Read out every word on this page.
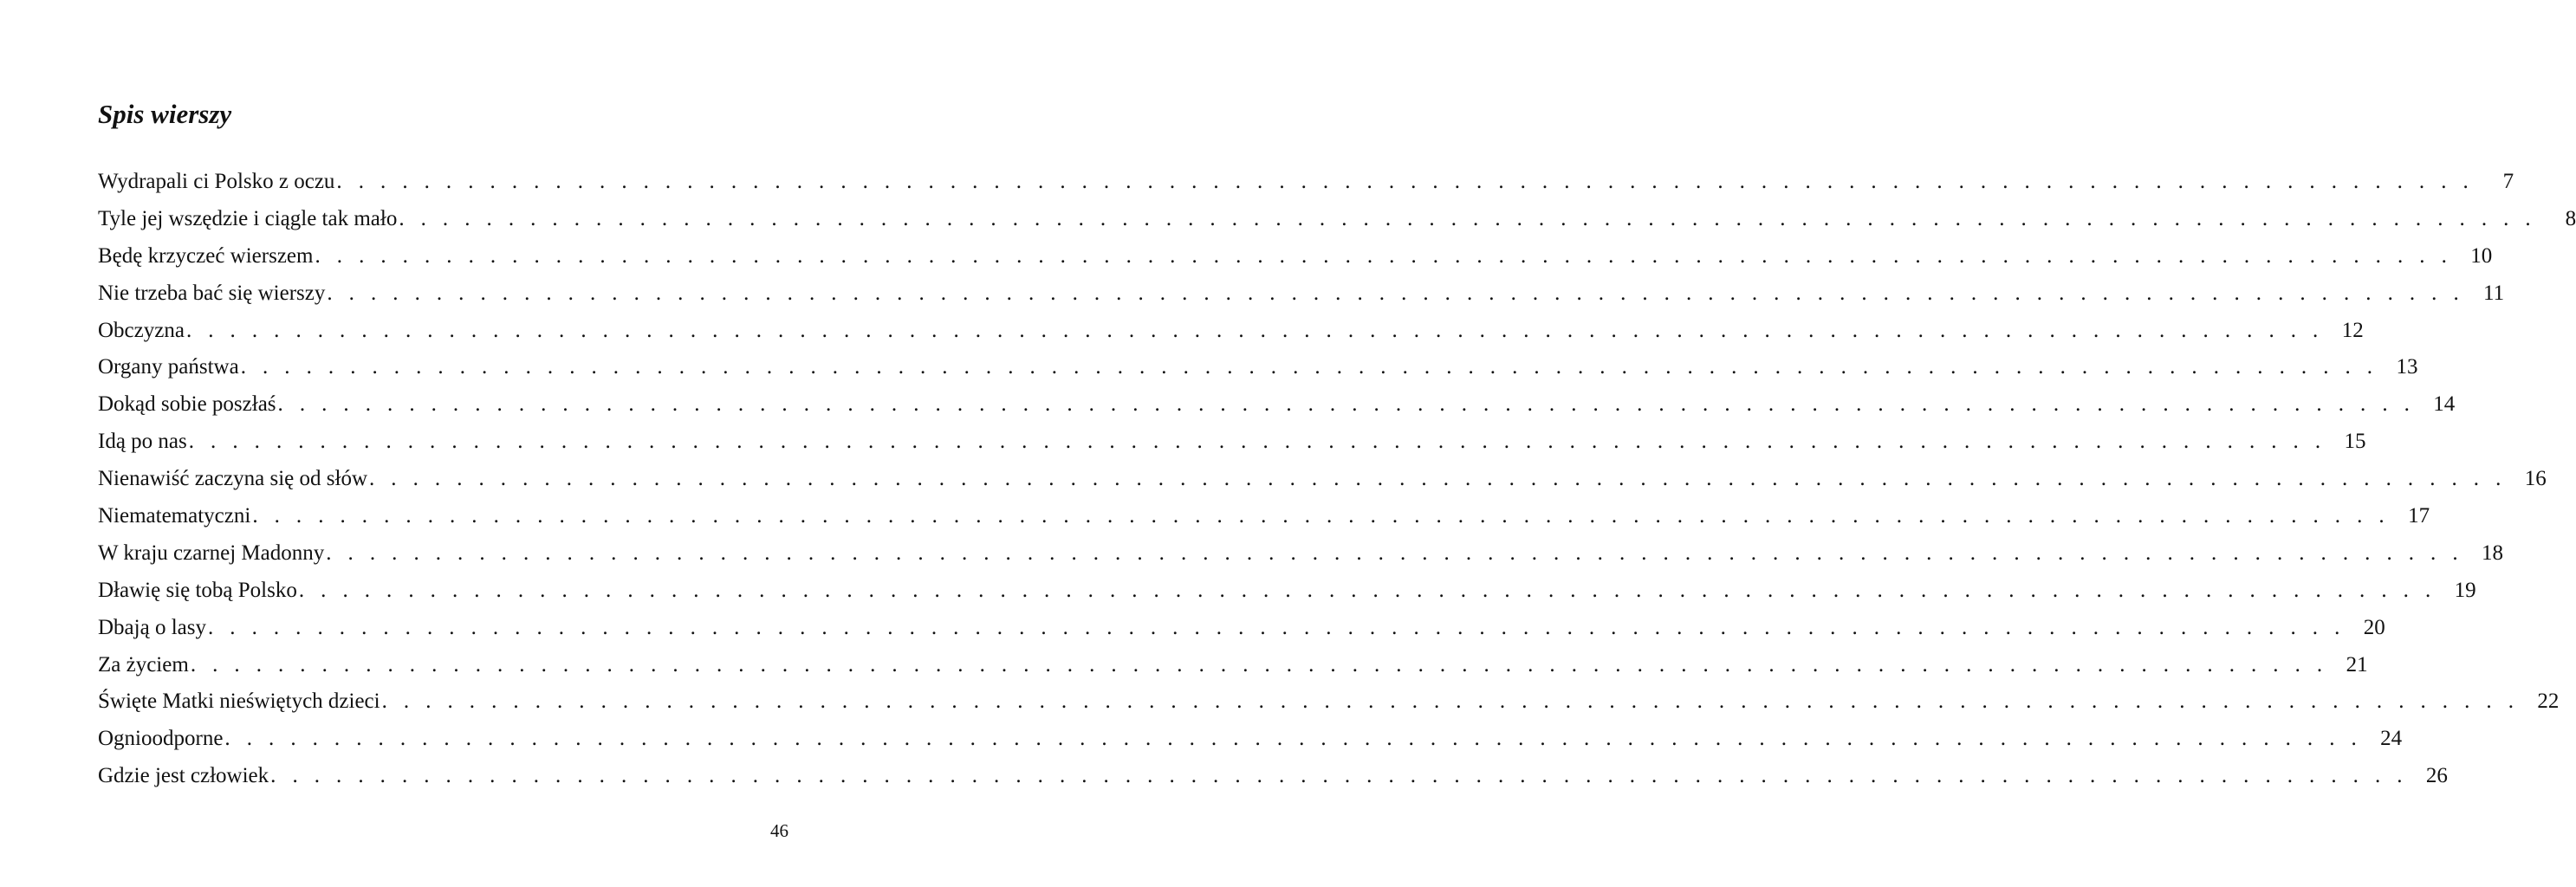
Spis wierszy
Wydrapali ci Polsko z oczu . . . . . . . . . . . . . . . . . . . . . . . . . . . . . . . . . . . . . . . . . . . . . . . . . . . . . . . . . . . . . . . . . . . . . . . . . . . . . . . . . . . . . . . . . . . . . . . . . .	7
Tyle jej wszędzie i ciągle tak mało . . . . . . . . . . . . . . . . . . . . . . . . . . . . . . . . . . . . . . . . . . . . . . . . . . . . . . . . . . . . . . . . . . . . . . . . . . . . . . . . . . . . . . . . . . . . . . . . . .	8
Będę krzyczeć wierszem . . . . . . . . . . . . . . . . . . . . . . . . . . . . . . . . . . . . . . . . . . . . . . . . . . . . . . . . . . . . . . . . . . . . . . . . . . . . . . . . . . . . . . . . . . . . . . . . . . 10
Nie trzeba bać się wierszy . . . . . . . . . . . . . . . . . . . . . . . . . . . . . . . . . . . . . . . . . . . . . . . . . . . . . . . . . . . . . . . . . . . . . . . . . . . . . . . . . . . . . . . . . . . . . . . . . . 11
Obczyzna . . . . . . . . . . . . . . . . . . . . . . . . . . . . . . . . . . . . . . . . . . . . . . . . . . . . . . . . . . . . . . . . . . . . . . . . . . . . . . . . . . . . . . . . . . . . . . . . . . 12
Organy państwa . . . . . . . . . . . . . . . . . . . . . . . . . . . . . . . . . . . . . . . . . . . . . . . . . . . . . . . . . . . . . . . . . . . . . . . . . . . . . . . . . . . . . . . . . . . . . . . . . . 13
Dokąd sobie poszłaś . . . . . . . . . . . . . . . . . . . . . . . . . . . . . . . . . . . . . . . . . . . . . . . . . . . . . . . . . . . . . . . . . . . . . . . . . . . . . . . . . . . . . . . . . . . . . . . . . . 14
Idą po nas . . . . . . . . . . . . . . . . . . . . . . . . . . . . . . . . . . . . . . . . . . . . . . . . . . . . . . . . . . . . . . . . . . . . . . . . . . . . . . . . . . . . . . . . . . . . . . . . . . 15
Nienawiść zaczyna się od słów . . . . . . . . . . . . . . . . . . . . . . . . . . . . . . . . . . . . . . . . . . . . . . . . . . . . . . . . . . . . . . . . . . . . . . . . . . . . . . . . . . . . . . . . . . . . . . . . . . 16
Niematematyczni . . . . . . . . . . . . . . . . . . . . . . . . . . . . . . . . . . . . . . . . . . . . . . . . . . . . . . . . . . . . . . . . . . . . . . . . . . . . . . . . . . . . . . . . . . . . . . . . . . 17
W kraju czarnej Madonny . . . . . . . . . . . . . . . . . . . . . . . . . . . . . . . . . . . . . . . . . . . . . . . . . . . . . . . . . . . . . . . . . . . . . . . . . . . . . . . . . . . . . . . . . . . . . . . . . . 18
Dławię się tobą Polsko . . . . . . . . . . . . . . . . . . . . . . . . . . . . . . . . . . . . . . . . . . . . . . . . . . . . . . . . . . . . . . . . . . . . . . . . . . . . . . . . . . . . . . . . . . . . . . . . . . 19
Dbają o lasy . . . . . . . . . . . . . . . . . . . . . . . . . . . . . . . . . . . . . . . . . . . . . . . . . . . . . . . . . . . . . . . . . . . . . . . . . . . . . . . . . . . . . . . . . . . . . . . . . . 20
Za życiem . . . . . . . . . . . . . . . . . . . . . . . . . . . . . . . . . . . . . . . . . . . . . . . . . . . . . . . . . . . . . . . . . . . . . . . . . . . . . . . . . . . . . . . . . . . . . . . . . . 21
Święte Matki nieświętych dzieci . . . . . . . . . . . . . . . . . . . . . . . . . . . . . . . . . . . . . . . . . . . . . . . . . . . . . . . . . . . . . . . . . . . . . . . . . . . . . . . . . . . . . . . . . . . . . . . . . . 22
Ognioodporne . . . . . . . . . . . . . . . . . . . . . . . . . . . . . . . . . . . . . . . . . . . . . . . . . . . . . . . . . . . . . . . . . . . . . . . . . . . . . . . . . . . . . . . . . . . . . . . . . . 24
Gdzie jest człowiek . . . . . . . . . . . . . . . . . . . . . . . . . . . . . . . . . . . . . . . . . . . . . . . . . . . . . . . . . . . . . . . . . . . . . . . . . . . . . . . . . . . . . . . . . . . . . . . . . . 26
46
